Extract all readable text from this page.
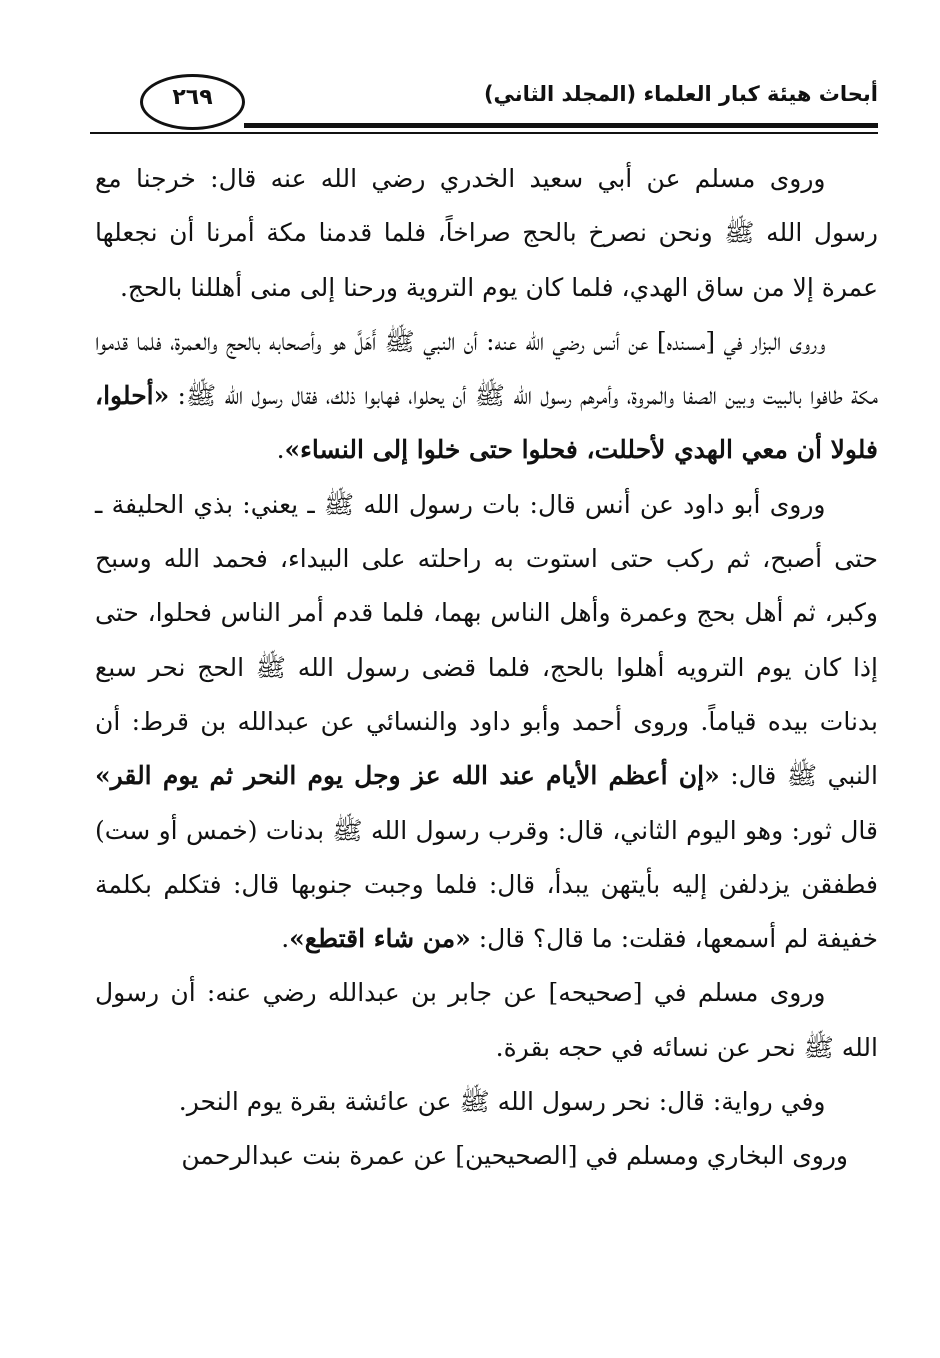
٢٦٩	أبحاث هيئة كبار العلماء (المجلد الثاني)

وروى مسلم عن أبي سعيد الخدري رضي الله عنه قال: خرجنا مع رسول الله ﷺ ونحن نصرخ بالحج صراخاً، فلما قدمنا مكة أمرنا أن نجعلها عمرة إلا من ساق الهدي، فلما كان يوم التروية ورحنا إلى منى أهللنا بالحج.

وروى البزار في [مسنده] عن أنس رضي الله عنه: أن النبي ﷺ أَهَلَّ هو وأصحابه بالحج والعمرة، فلما قدموا مكة طافوا بالبيت وبين الصفا والمروة، وأمرهم رسول الله ﷺ أن يحلوا، فهابوا ذلك، فقال رسول الله ﷺ: «أحلوا، فلولا أن معي الهدي لأحللت، فحلوا حتى خلوا إلى النساء».

وروى أبو داود عن أنس قال: بات رسول الله ﷺ ـ يعني: بذي الحليفة ـ حتى أصبح، ثم ركب حتى استوت به راحلته على البيداء، فحمد الله وسبح وكبر، ثم أهل بحج وعمرة وأهل الناس بهما، فلما قدم أمر الناس فحلوا، حتى إذا كان يوم الترويه أهلوا بالحج، فلما قضى رسول الله ﷺ الحج نحر سبع بدنات بيده قياماً. وروى أحمد وأبو داود والنسائي عن عبدالله بن قرط: أن النبي ﷺ قال: «إن أعظم الأيام عند الله عز وجل يوم النحر ثم يوم القر» قال ثور: وهو اليوم الثاني، قال: وقرب رسول الله ﷺ بدنات (خمس أو ست) فطفقن يزدلفن إليه بأيتهن يبدأ، قال: فلما وجبت جنوبها قال: فتكلم بكلمة خفيفة لم أسمعها، فقلت: ما قال؟ قال: «من شاء اقتطع».

وروى مسلم في [صحيحه] عن جابر بن عبدالله رضي عنه: أن رسول الله ﷺ نحر عن نسائه في حجه بقرة.

وفي رواية: قال: نحر رسول الله ﷺ عن عائشة بقرة يوم النحر.

وروى البخاري ومسلم في [الصحيحين] عن عمرة بنت عبدالرحمن
